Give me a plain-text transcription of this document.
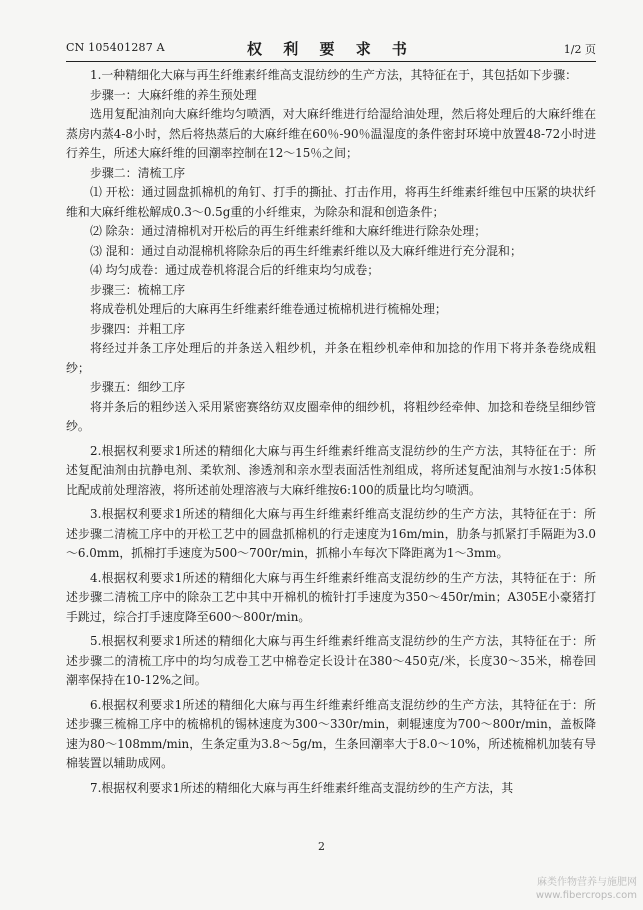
CN 105401287 A	权 利 要 求 书	1/2 页

1.一种精细化大麻与再生纤维素纤维高支混纺纱的生产方法，其特征在于，其包括如下步骤：

步骤一：大麻纤维的养生预处理

选用复配油剂向大麻纤维均匀喷洒，对大麻纤维进行给湿给油处理，然后将处理后的大麻纤维在蒸房内蒸4-8小时，然后将热蒸后的大麻纤维在60％-90％温湿度的条件密封环境中放置48-72小时进行养生，所述大麻纤维的回潮率控制在12～15％之间；

步骤二：清梳工序

⑴ 开松：通过圆盘抓棉机的角钉、打手的撕扯、打击作用，将再生纤维素纤维包中压紧的块状纤维和大麻纤维松解成0.3～0.5g重的小纤维束，为除杂和混和创造条件；

⑵ 除杂：通过清棉机对开松后的再生纤维素纤维和大麻纤维进行除杂处理；

⑶ 混和：通过自动混棉机将除杂后的再生纤维素纤维以及大麻纤维进行充分混和；

⑷ 均匀成卷：通过成卷机将混合后的纤维束均匀成卷；

步骤三：梳棉工序

将成卷机处理后的大麻再生纤维素纤维卷通过梳棉机进行梳棉处理；

步骤四：并粗工序

将经过并条工序处理后的并条送入粗纱机，并条在粗纱机牵伸和加捻的作用下将并条卷绕成粗纱；

步骤五：细纱工序

将并条后的粗纱送入采用紧密赛络纺双皮圈牵伸的细纱机，将粗纱经牵伸、加捻和卷绕呈细纱管纱。

2.根据权利要求1所述的精细化大麻与再生纤维素纤维高支混纺纱的生产方法，其特征在于：所述复配油剂由抗静电剂、柔软剂、渗透剂和亲水型表面活性剂组成，将所述复配油剂与水按1:5体积比配成前处理溶液，将所述前处理溶液与大麻纤维按6:100的质量比均匀喷洒。

3.根据权利要求1所述的精细化大麻与再生纤维素纤维高支混纺纱的生产方法，其特征在于：所述步骤二清梳工序中的开松工艺中的圆盘抓棉机的行走速度为16m/min，肋条与抓紧打手隔距为3.0～6.0mm，抓棉打手速度为500～700r/min，抓棉小车每次下降距离为1～3mm。

4.根据权利要求1所述的精细化大麻与再生纤维素纤维高支混纺纱的生产方法，其特征在于：所述步骤二清梳工序中的除杂工艺中其中开棉机的梳针打手速度为350～450r/min；A305E小豪猪打手跳过，综合打手速度降至600～800r/min。

5.根据权利要求1所述的精细化大麻与再生纤维素纤维高支混纺纱的生产方法，其特征在于：所述步骤二的清梳工序中的均匀成卷工艺中棉卷定长设计在380～450克/米，长度30～35米，棉卷回潮率保持在10-12%之间。

6.根据权利要求1所述的精细化大麻与再生纤维素纤维高支混纺纱的生产方法，其特征在于：所述步骤三梳棉工序中的梳棉机的锡林速度为300～330r/min，刺辊速度为700～800r/min，盖板降速为80～108mm/min，生条定重为3.8～5g/m，生条回潮率大于8.0～10%，所述梳棉机加装有导棉装置以辅助成网。

7.根据权利要求1所述的精细化大麻与再生纤维素纤维高支混纺纱的生产方法，其

2
麻类作物营养与施肥网
www.fibercrops.com
